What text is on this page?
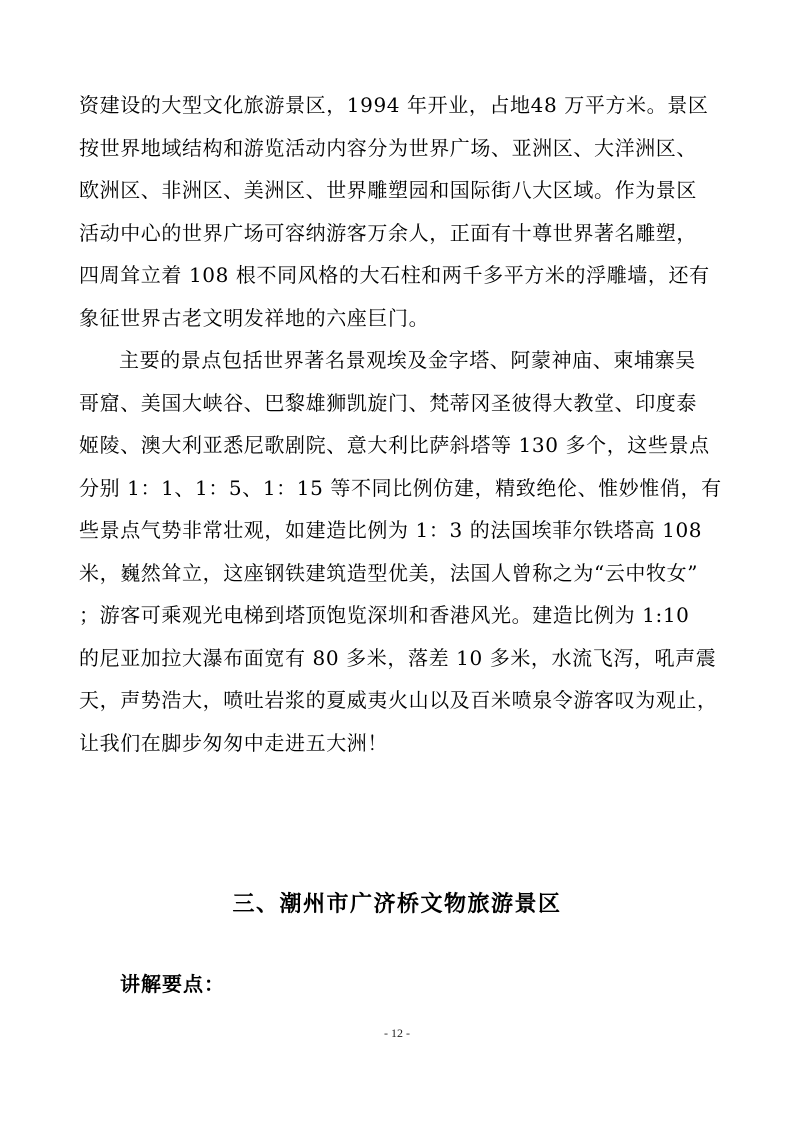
资建设的大型文化旅游景区，1994 年开业，占地48 万平方米。景区
按世界地域结构和游览活动内容分为世界广场、亚洲区、大洋洲区、
欧洲区、非洲区、美洲区、世界雕塑园和国际街八大区域。作为景区
活动中心的世界广场可容纳游客万余人，正面有十尊世界著名雕塑，
四周耸立着 108 根不同风格的大石柱和两千多平方米的浮雕墙，还有
象征世界古老文明发祥地的六座巨门。
主要的景点包括世界著名景观埃及金字塔、阿蒙神庙、柬埔寨吴
哥窟、美国大峡谷、巴黎雄狮凯旋门、梵蒂冈圣彼得大教堂、印度泰
姬陵、澳大利亚悉尼歌剧院、意大利比萨斜塔等 130 多个，这些景点
分别 1：1、1：5、1：15 等不同比例仿建，精致绝伦、惟妙惟俏，有
些景点气势非常壮观，如建造比例为 1：3 的法国埃菲尔铁塔高 108
米，巍然耸立，这座钢铁建筑造型优美，法国人曾称之为“云中牧女”
；游客可乘观光电梯到塔顶饱览深圳和香港风光。建造比例为 1:10
的尼亚加拉大瀑布面宽有 80 多米，落差 10 多米，水流飞泻，吼声震
天，声势浩大，喷吐岩浆的夏威夷火山以及百米喷泉令游客叹为观止，
让我们在脚步匆匆中走进五大洲！
三、潮州市广济桥文物旅游景区
讲解要点：
- 12 -
